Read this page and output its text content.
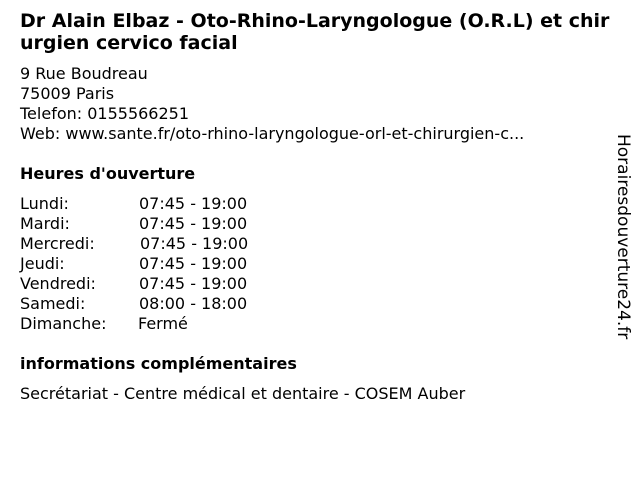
Dr Alain Elbaz - Oto-Rhino-Laryngologue (O.R.L) et chirurgien cervico facial
9 Rue Boudreau
75009 Paris
Telefon: 0155566251
Web: www.sante.fr/oto-rhino-laryngologue-orl-et-chirurgien-c...
Heures d'ouverture
Lundi:	07:45 - 19:00
Mardi:	07:45 - 19:00
Mercredi:	07:45 - 19:00
Jeudi:	07:45 - 19:00
Vendredi:	07:45 - 19:00
Samedi:	08:00 - 18:00
Dimanche: Fermé
informations complémentaires
Secrétariat - Centre médical et dentaire - COSEM Auber
Horairesdouverture24.fr
